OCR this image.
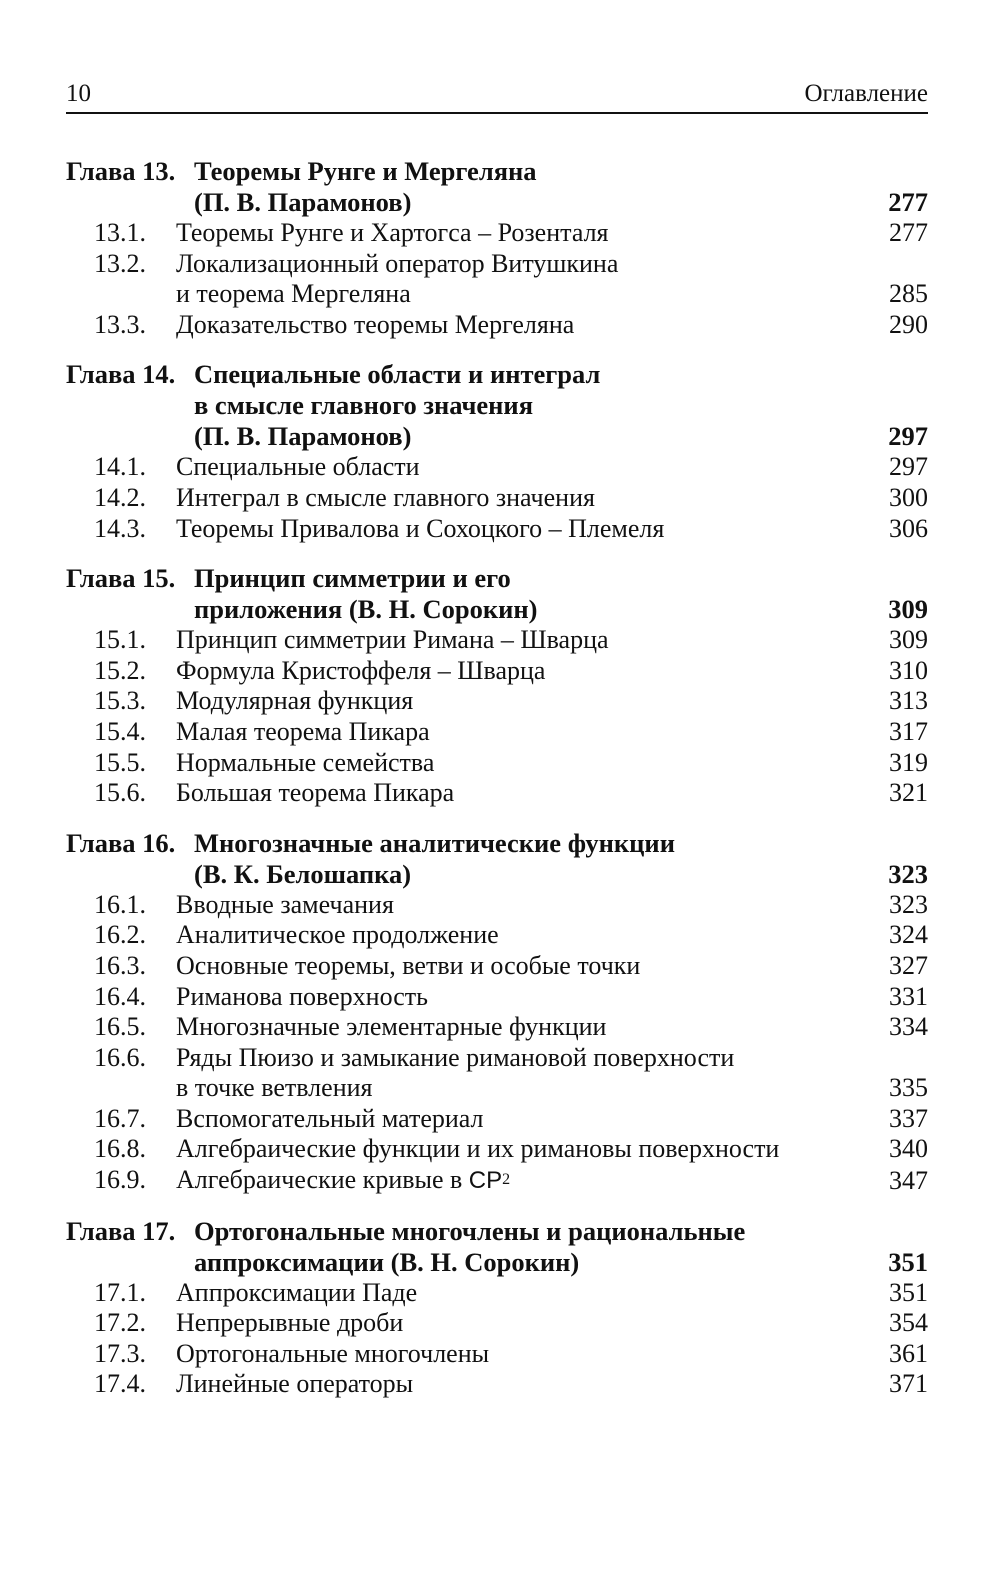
10	Оглавление
Глава 13. Теоремы Рунге и Мергеляна
(П. В. Парамонов)	277
13.1. Теоремы Рунге и Хартогса – Розенталя	277
13.2. Локализационный оператор Витушкина
и теорема Мергеляна	285
13.3. Доказательство теоремы Мергеляна	290
Глава 14. Специальные области и интеграл
в смысле главного значения
(П. В. Парамонов)	297
14.1. Специальные области	297
14.2. Интеграл в смысле главного значения	300
14.3. Теоремы Привалова и Сохоцкого – Племеля	306
Глава 15. Принцип симметрии и его
приложения (В. Н. Сорокин)	309
15.1. Принцип симметрии Римана – Шварца	309
15.2. Формула Кристоффеля – Шварца	310
15.3. Модулярная функция	313
15.4. Малая теорема Пикара	317
15.5. Нормальные семейства	319
15.6. Большая теорема Пикара	321
Глава 16. Многозначные аналитические функции
(В. К. Белошапка)	323
16.1. Вводные замечания	323
16.2. Аналитическое продолжение	324
16.3. Основные теоремы, ветви и особые точки	327
16.4. Риманова поверхность	331
16.5. Многозначные элементарные функции	334
16.6. Ряды Пюизо и замыкание римановой поверхности
в точке ветвления	335
16.7. Вспомогательный материал	337
16.8. Алгебраические функции и их римановы поверхности	340
16.9. Алгебраические кривые в $CP^2$	347
Глава 17. Ортогональные многочлены и рациональные
аппроксимации (В. Н. Сорокин)	351
17.1. Аппроксимации Паде	351
17.2. Непрерывные дроби	354
17.3. Ортогональные многочлены	361
17.4. Линейные операторы	371
